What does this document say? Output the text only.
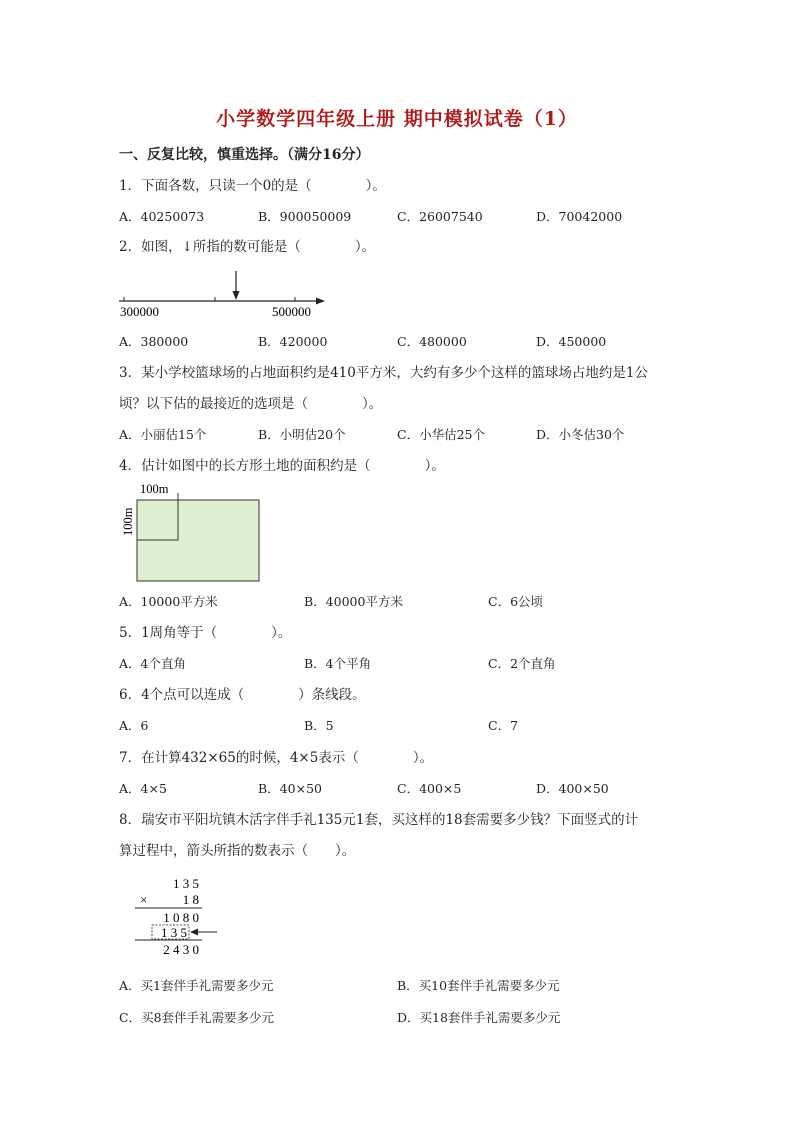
小学数学四年级上册 期中模拟试卷（1）
一、反复比较，慎重选择。（满分16分）
1．下面各数，只读一个0的是（　　　　）。
A．40250073	B．900050009	C．26007540	D．70042000
2．如图，↓所指的数可能是（　　　　）。
300000	500000
A．380000	B．420000	C．480000	D．450000
3．某小学校篮球场的占地面积约是410平方米，大约有多少个这样的篮球场占地约是1公
顷？以下估的最接近的选项是（　　　　）。
A．小丽估15个	B．小明估20个	C．小华估25个	D．小冬估30个
4．估计如图中的长方形土地的面积约是（　　　　）。
100m
100m
A．10000平方米	B．40000平方米	C．6公顷
5．1周角等于（　　　　）。
A．4个直角	B．4个平角	C．2个直角
6．4个点可以连成（　　　　）条线段。
A．6	B．5	C．7
7．在计算432×65的时候，4×5表示（　　　　）。
A．4×5	B．40×50	C．400×5	D．400×50
8．瑞安市平阳坑镇木活字伴手礼135元1套，买这样的18套需要多少钱？下面竖式的计
算过程中，箭头所指的数表示（　　）。
1 3 5
×	1 8
1 0 8 0
1 3 5
2 4 3 0
A．买1套伴手礼需要多少元	B．买10套伴手礼需要多少元
C．买8套伴手礼需要多少元	D．买18套伴手礼需要多少元
